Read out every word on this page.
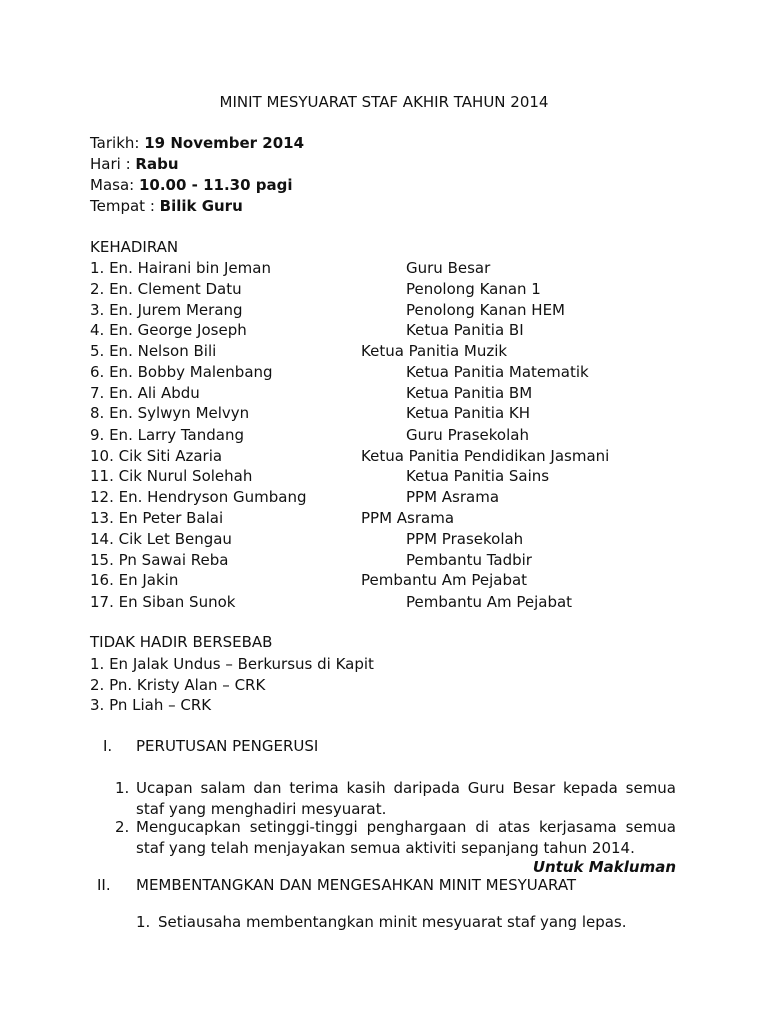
MINIT MESYUARAT STAF AKHIR TAHUN 2014
Tarikh: 19 November 2014
Hari : Rabu
Masa: 10.00 - 11.30 pagi
Tempat : Bilik Guru
KEHADIRAN
1. En. Hairani bin Jeman	Guru Besar
2. En. Clement Datu	Penolong Kanan 1
3. En. Jurem Merang	Penolong Kanan HEM
4. En. George Joseph	Ketua Panitia BI
5. En. Nelson Bili	Ketua Panitia Muzik
6. En. Bobby Malenbang	Ketua Panitia Matematik
7. En. Ali Abdu	Ketua Panitia BM
8. En. Sylwyn Melvyn	Ketua Panitia KH
9. En. Larry Tandang	Guru Prasekolah
10. Cik Siti Azaria	Ketua Panitia Pendidikan Jasmani
11. Cik Nurul Solehah	Ketua Panitia Sains
12. En. Hendryson Gumbang	PPM Asrama
13. En Peter Balai	PPM Asrama
14. Cik Let Bengau	PPM Prasekolah
15. Pn Sawai Reba	Pembantu Tadbir
16. En Jakin	Pembantu Am Pejabat
17. En Siban Sunok	Pembantu Am Pejabat
TIDAK HADIR BERSEBAB
1. En Jalak Undus – Berkursus di Kapit
2. Pn. Kristy Alan – CRK
3. Pn Liah – CRK
I. PERUTUSAN PENGERUSI
1. Ucapan salam dan terima kasih daripada Guru Besar kepada semua
staf yang menghadiri mesyuarat.
2. Mengucapkan setinggi-tinggi penghargaan di atas kerjasama semua
staf yang telah menjayakan semua aktiviti sepanjang tahun 2014.
Untuk Makluman
II. MEMBENTANGKAN DAN MENGESAHKAN MINIT MESYUARAT
1. Setiausaha membentangkan minit mesyuarat staf yang lepas.
